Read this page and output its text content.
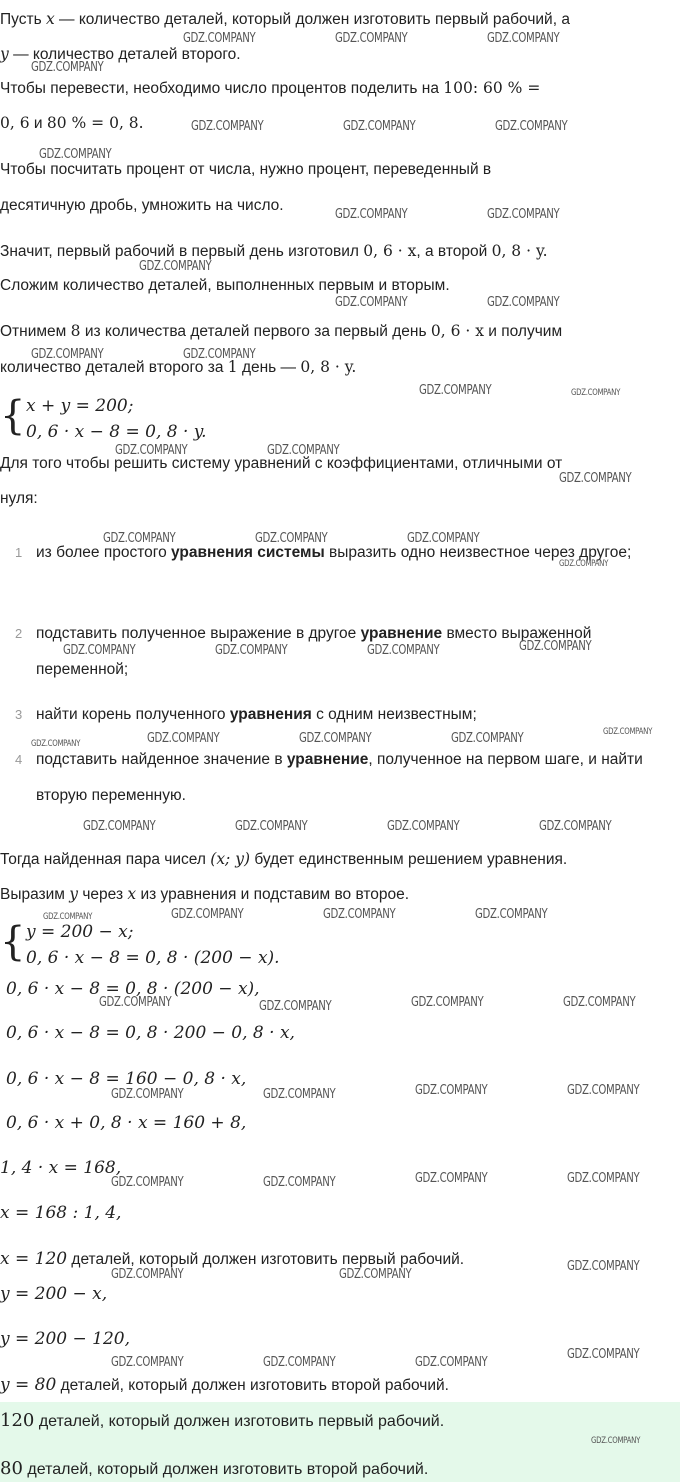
Пусть x — количество деталей, который должен изготовить первый рабочий, а
y — количество деталей второго.
Чтобы перевести, необходимо число процентов поделить на 100: 60 % =
0, 6 и 80 % = 0, 8.
Чтобы посчитать процент от числа, нужно процент, переведенный в
десятичную дробь, умножить на число.
Значит, первый рабочий в первый день изготовил 0, 6 · x, а второй 0, 8 · y.
Сложим количество деталей, выполненных первым и вторым.
Отнимем 8 из количества деталей первого за первый день 0, 6 · x и получим
количество деталей второго за 1 день — 0, 8 · y.
{ x + y = 200;
0, 6 · x − 8 = 0, 8 · y.
Для того чтобы решить систему уравнений с коэффициентами, отличными от
нуля:
1 из более простого уравнения системы выразить одно неизвестное через другое;
2 подставить полученное выражение в другое уравнение вместо выраженной переменной;
3 найти корень полученного уравнения с одним неизвестным;
4 подставить найденное значение в уравнение, полученное на первом шаге, и найти вторую переменную.
Тогда найденная пара чисел (x; y) будет единственным решением уравнения.
Выразим y через x из уравнения и подставим во второе.
{ y = 200 − x;
0, 6 · x − 8 = 0, 8 · (200 − x).
0, 6 · x − 8 = 0, 8 · (200 − x),
0, 6 · x − 8 = 0, 8 · 200 − 0, 8 · x,
0, 6 · x − 8 = 160 − 0, 8 · x,
0, 6 · x + 0, 8 · x = 160 + 8,
1, 4 · x = 168,
x = 168 : 1, 4,
x = 120 деталей, который должен изготовить первый рабочий.
y = 200 − x,
y = 200 − 120,
y = 80 деталей, который должен изготовить второй рабочий.
120 деталей, который должен изготовить первый рабочий.
80 деталей, который должен изготовить второй рабочий.
GDZ.COMPANY	GDZ.COMPANY	GDZ.COMPANY
GDZ.COMPANY
GDZ.COMPANY	GDZ.COMPANY	GDZ.COMPANY
GDZ.COMPANY
GDZ.COMPANY	GDZ.COMPANY
GDZ.COMPANY
GDZ.COMPANY	GDZ.COMPANY
GDZ.COMPANY	GDZ.COMPANY
GDZ.COMPANY	GDZ.COMPANY
GDZ.COMPANY	GDZ.COMPANY
GDZ.COMPANY
GDZ.COMPANY	GDZ.COMPANY	GDZ.COMPANY
GDZ.COMPANY
GDZ.COMPANY
GDZ.COMPANY	GDZ.COMPANY	GDZ.COMPANY
GDZ.COMPANY
GDZ.COMPANY	GDZ.COMPANY	GDZ.COMPANY	GDZ.COMPANY
GDZ.COMPANY	GDZ.COMPANY	GDZ.COMPANY	GDZ.COMPANY
GDZ.COMPANY	GDZ.COMPANY	GDZ.COMPANY	GDZ.COMPANY
GDZ.COMPANY	GDZ.COMPANY	GDZ.COMPANY	GDZ.COMPANY
GDZ.COMPANY	GDZ.COMPANY	GDZ.COMPANY	GDZ.COMPANY
GDZ.COMPANY	GDZ.COMPANY	GDZ.COMPANY	GDZ.COMPANY
GDZ.COMPANY	GDZ.COMPANY
GDZ.COMPANY
GDZ.COMPANY	GDZ.COMPANY	GDZ.COMPANY
GDZ.COMPANY
GDZ.COMPANY
